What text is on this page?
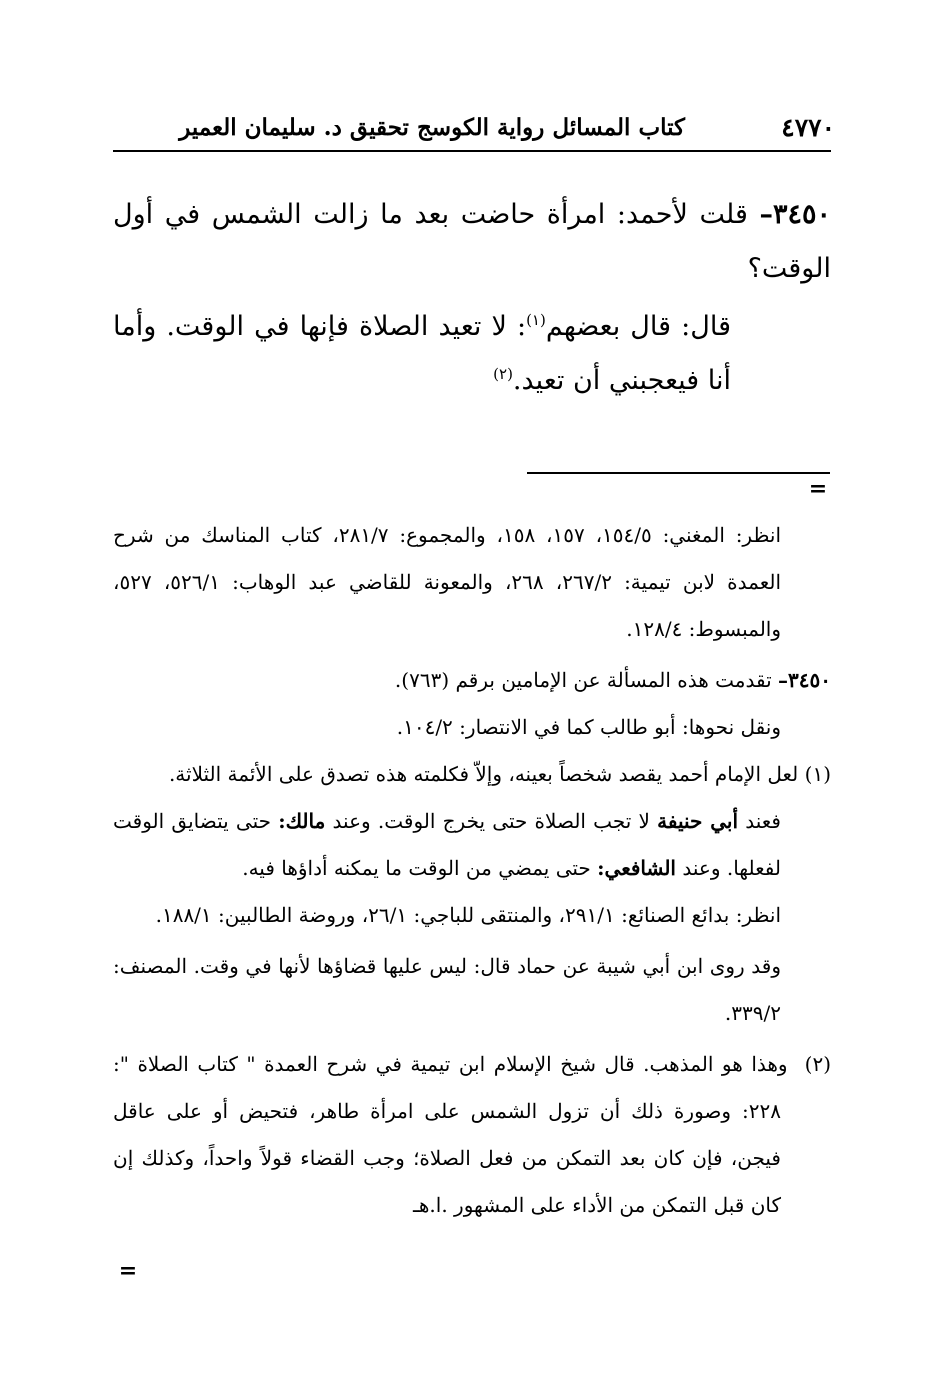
٤٧٧٠
كتاب المسائل رواية الكوسج تحقيق د. سليمان العمير

٣٤٥٠– قلت لأحمد: امرأة حاضت بعد ما زالت الشمس في أول الوقت؟

قال: قال بعضهم$^{(١)}$: لا تعيد الصلاة فإنها في الوقت. وأما أنا فيعجبني أن تعيد.$^{(٢)}$

=

انظر: المغني: ١٥٤/٥، ١٥٧، ١٥٨، والمجموع: ٢٨١/٧، كتاب المناسك من شرح العمدة لابن تيمية: ٢٦٧/٢، ٢٦٨، والمعونة للقاضي عبد الوهاب: ٥٢٦/١، ٥٢٧، والمبسوط: ١٢٨/٤.

٣٤٥٠– تقدمت هذه المسألة عن الإمامين برقم (٧٦٣).

ونقل نحوها: أبو طالب كما في الانتصار: ١٠٤/٢.

(١) لعل الإمام أحمد يقصد شخصاً بعينه، وإلاّ فكلمته هذه تصدق على الأئمة الثلاثة.

فعند أبي حنيفة لا تجب الصلاة حتى يخرج الوقت. وعند مالك: حتى يتضايق الوقت لفعلها. وعند الشافعي: حتى يمضي من الوقت ما يمكنه أداؤها فيه.

انظر: بدائع الصنائع: ٢٩١/١، والمنتقى للباجي: ٢٦/١، وروضة الطالبين: ١٨٨/١.

وقد روى ابن أبي شيبة عن حماد قال: ليس عليها قضاؤها لأنها في وقت. المصنف: ٣٣٩/٢.

(٢)  وهذا هو المذهب. قال شيخ الإسلام ابن تيمية في شرح العمدة " كتاب الصلاة ": ٢٢٨: وصورة ذلك أن تزول الشمس على امرأة طاهر، فتحيض أو على عاقل فيجن، فإن كان بعد التمكن من فعل الصلاة؛ وجب القضاء قولاً واحداً، وكذلك إن كان قبل التمكن من الأداء على المشهور .ا.هـ

=
